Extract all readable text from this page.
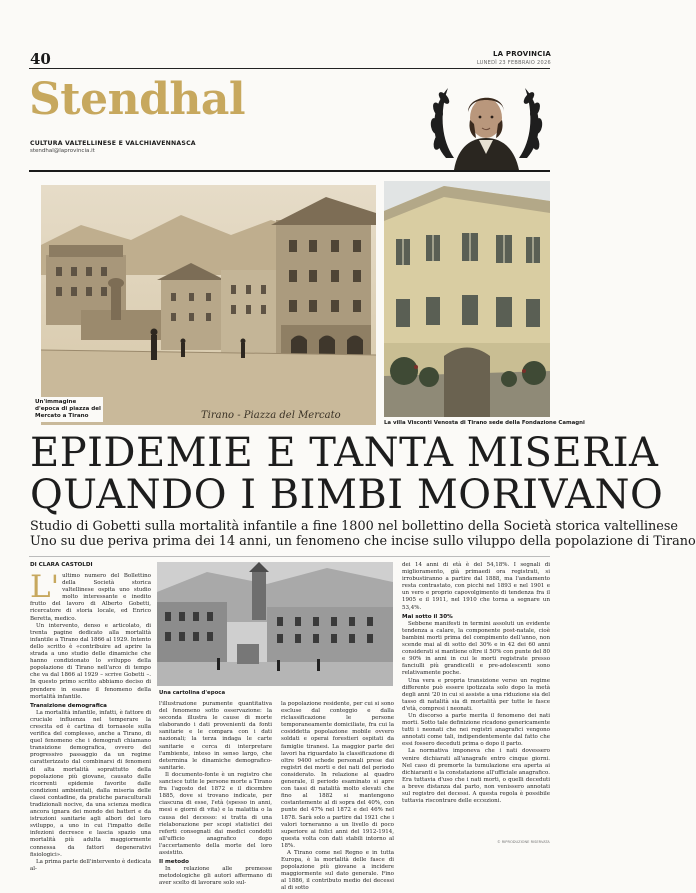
40	LA PROVINCIA
LUNEDÌ 23 FEBBRAIO 2026
Stendhal
CULTURA VALTELLINESE E VALCHIAVENNASCA
stendhal@laprovincia.it
Tirano - Piazza del Mercato
Un'immagine d'epoca di piazza del Mercato a Tirano
La villa Visconti Venosta di Tirano sede della Fondazione Camagni
EPIDEMIE E TANTA MISERIA
QUANDO I BIMBI MORIVANO
Studio di Gobetti sulla mortalità infantile a fine 1800 nel bollettino della Società storica valtellinese
Uno su due periva prima dei 14 anni, un fenomeno che incise sullo viluppo della popolazione di Tirano
DI CLARA CASTOLDI

L' ultimo numero del Bollettino della Società storica valtellinese ospita uno studio molto interessante e inedito frutto del lavoro di Alberto Gobetti, ricercatore di storia locale, ed Enrico Beretta, medico.

Un intervento, denso e articolato, di trenta pagine dedicato alla mortalità infantile a Tirano dal 1866 al 1929. Intento dello scritto è «contribuire ad aprire la strada a uno studio delle dinamiche che hanno condizionato lo sviluppo della popolazione di Tirano nell'arco di tempo che va dal 1866 al 1929 – scrive Gobetti –. In questo primo scritto abbiamo deciso di prendere in esame il fenomeno della mortalità infantile.

Transizione demografica

La mortalità infantile, infatti, è fattore di cruciale influenza nel temperare la crescita ed è cartina di tornasole sulla verifica del complesso, anche a Tirano, di quel fenomeno che i demografi chiamano transizione demografica, ovvero del progressivo passaggio da un regime caratterizzato dal combinarsi di fenomeni di alta mortalità soprattutto della popolazione più giovane, causato dalle ricorrenti epidemie favorite dalle condizioni ambientali, dalla miseria delle classi contadine, da pratiche paraculturali tradizionali nocive, da una scienza medica ancora ignara dei mondo dei batteri e da istruzioni sanitarie agli albori del loro sviluppo, a uno in cui l'impatto delle infezioni decresce e lascia spazio una mortalità più adulta maggiormente connessa da fattori degenerativi fisiologici».

La prima parte dell'intervento è dedicata al-

Una cartolina d'epoca

l'illustrazione puramente quantitativa del fenomeno sotto osservazione: la seconda illustra le cause di morte elaborando i dati provenienti da fonti sanitarie e le compara con i dati nazionali; la terza indaga le carte sanitarie e cerca di interpretare l'ambiente, inteso in senso largo, che determina le dinamiche demografico-sanitarie.

Il documento-fonte è un registro che sancisce tutte le persone morte a Tirano fra l'agosto del 1872 e il dicembre 1885, dove si trovano indicate, per ciascuna di esse, l'età (spesso in anni, mesi e giorni di vita) e la malattia o la causa del decesso: si tratta di una rielaborazione per scopi statistici dei referti consegnati dai medici condotti all'ufficio anagrafico dopo l'accertamento della morte del loro assistito.

Il metodo

In relazione alle premesse metodologiche gli autori affermano di aver scelto di lavorare solo sul-

la popolazione residente, per cui si sono escluse dal conteggio e dalla riclassificazione le persone temporaneamente domiciliate, fra cui la cosiddetta popolazione mobile ovvero soldati e operai forestieri ospitati da famiglie tiranesi. La maggior parte dei lavori ha riguardato la classificazione di oltre 9400 schede personali prese dai registri dei morti e dei nati del periodo considerato. In relazione al quadro generale, il periodo esaminato si apre con tassi di natalità molto elevati che fino al 1882 si mantengono costantemente al di sopra del 40%, con punte del 47% nel 1872 e del 46% nel 1878. Sarà solo a partire dal 1921 che i valori torneranno a un livello di poco superiore ai folici anni del 1912-1914, questa volta con dati stabili intorno al 18%.

A Tirano come nel Regno e in tutta Europa, è la mortalità delle fasce di popolazione più giovane a incidere maggiormente sul dato generale. Fino al 1886, il contributo medio dei decessi al di sotto

dei 14 anni di età è del 54,18%. I segnali di miglioramento, già primaedi ora registrati, si irrobustiranno a partire dal 1888, ma l'andamento resta contrastato, con picchi nel 1893 e nel 1901 e un vero e proprio capovolgimento di tendenza fra il 1905 e il 1911, nel 1910 che torna a segnare un 53,4%.

Mai sotto il 30%

Sebbene manifesti in termini assoluti un evidente tendenza a calare, la componente post-natale, cioè bambini morti prima del compimento dell'anno, non scende mai al di sotto del 30% e in 42 dei 60 anni considerati si mantiene oltre il 50% con punte del 80 e 90% in anni in cui le morti registrate presso fanciulli più grandicelli e pre-adolescenti sono relativamente poche.

Una vera e propria transizione verso un regime differente può essere ipotizzata solo dopo la metà degli anni '20 in cui si assiste a una riduzione sia del tasso di natalità sia di mortalità per tutte le fasce d'età, compresi i neonati.

Un discorso a parte merita il fenomeno dei nati morti. Sotto tale definizione ricadono genericamente tutti i neonati che nei registri anagrafici vengono annotati come tali, indipendentemente dal fatto che essi fossero deceduti prima o dopo il parto.

La normativa imponeva che i nati dovessero venire dichiarati all'anagrafe entro cinque giorni. Nel caso di premorte la tumulazione era aperta ai dichiaranti e la constatazione all'ufficiale anagrafico. Era tuttavia d'uso che i nati morti, o quelli deceduti a breve distanza dal parto, non venissero annotati sul registro dei decessi. A questa regola è possibile tuttavia riscontrare delle eccezioni.

© RIPRODUZIONE RISERVATA
